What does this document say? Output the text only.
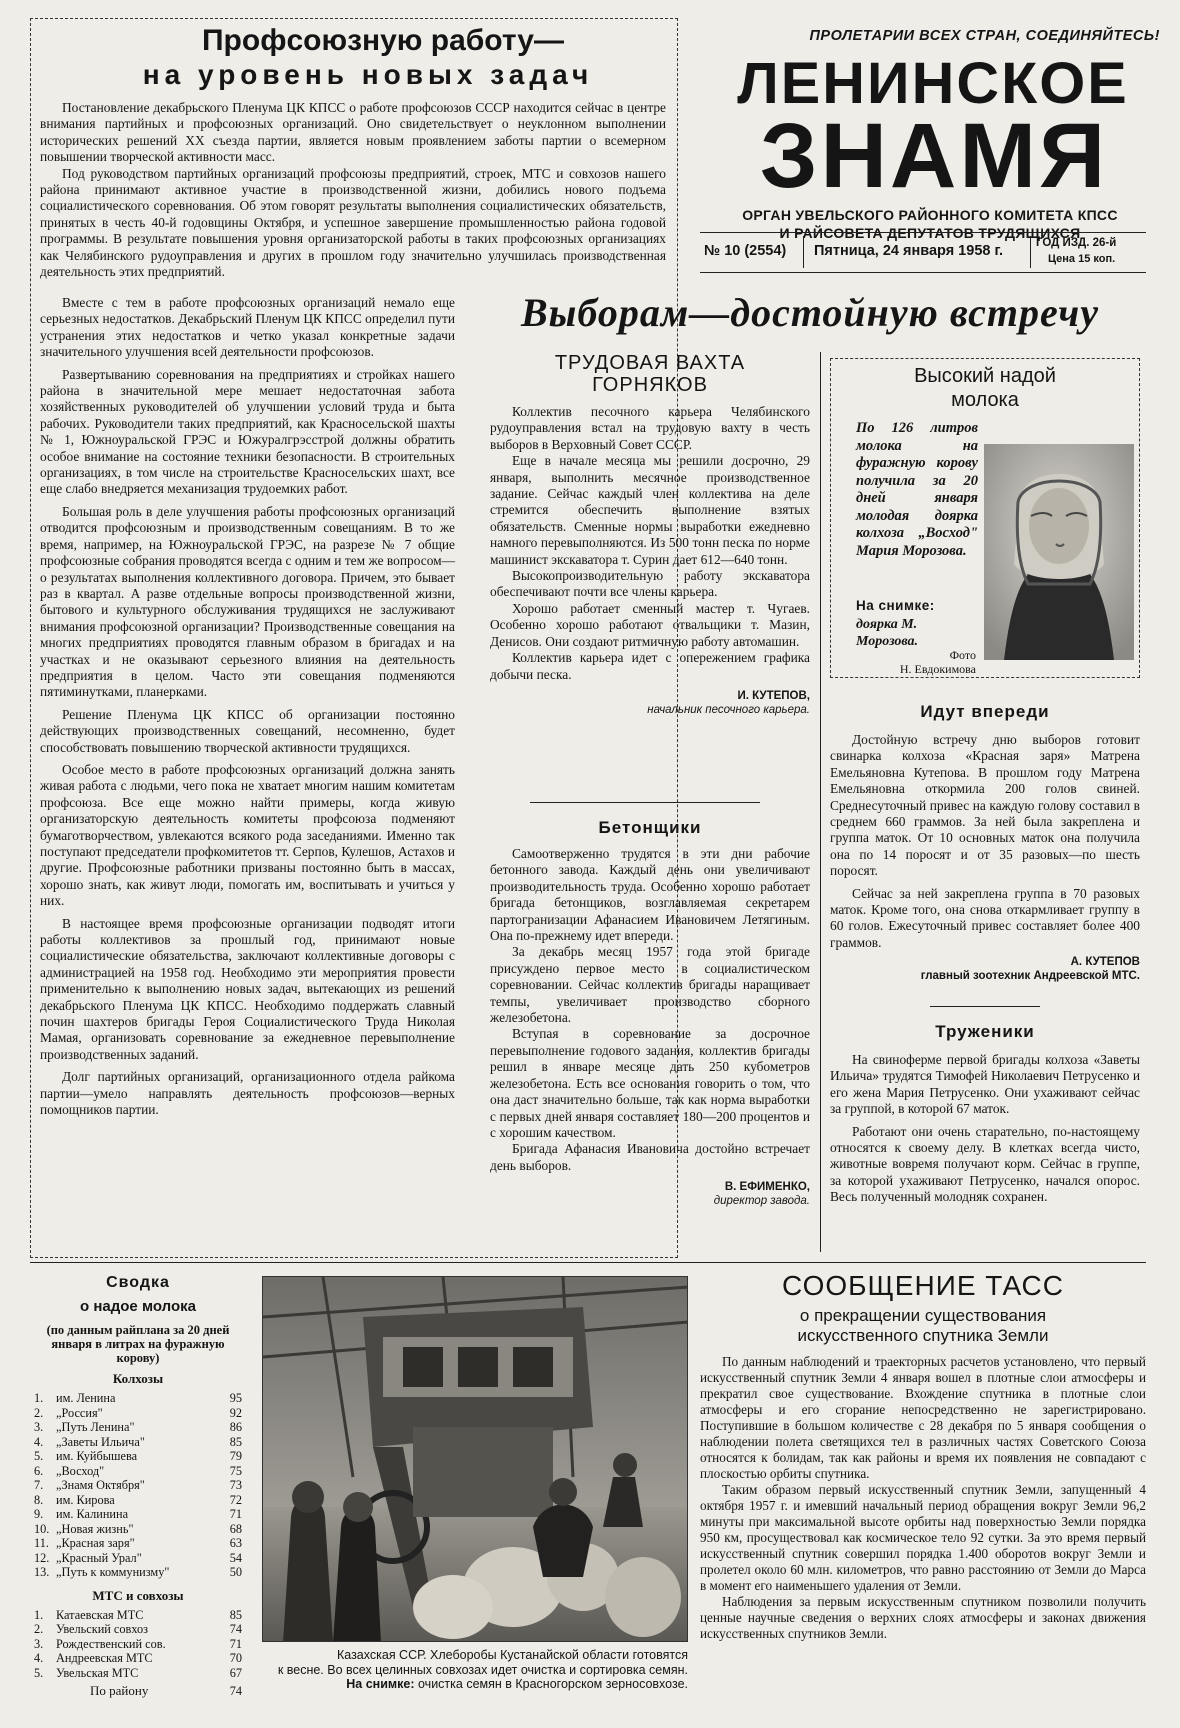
ПРОЛЕТАРИИ ВСЕХ СТРАН, СОЕДИНЯЙТЕСЬ!
ЛЕНИНСКОЕ
ЗНАМЯ
ОРГАН УВЕЛЬСКОГО РАЙОННОГО КОМИТЕТА КПСС
И РАЙСОВЕТА ДЕПУТАТОВ ТРУДЯЩИХСЯ
№ 10 (2554) Пятница, 24 января 1958 г.	ГОД ИЗД. 26-й
Цена 15 коп.
Профсоюзную работу—
на уровень новых задач

Постановление декабрьского Пленума ЦК КПСС о работе профсоюзов СССР находится сейчас в центре внимания партийных и профсоюзных организаций. Оно свидетельствует о неуклонном выполнении исторических решений XX съезда партии, является новым проявлением заботы партии о всемерном повышении творческой активности масс.

Под руководством партийных организаций профсоюзы предприятий, строек, МТС и совхозов нашего района принимают активное участие в производственной жизни, добились нового подъема социалистического соревнования. Об этом говорят результаты выполнения социалистических обязательств, принятых в честь 40-й годовщины Октября, и успешное завершение промышленностью района годовой программы. В результате повышения уровня организаторской работы в таких профсоюзных организациях как Челябинского рудоуправления и других в прошлом году значительно улучшилась производственная деятельность этих предприятий.

Вместе с тем в работе профсоюзных организаций немало еще серьезных недостатков. Декабрьский Пленум ЦК КПСС определил пути устранения этих недостатков и четко указал конкретные задачи значительного улучшения всей деятельности профсоюзов.

Развертыванию соревнования на предприятиях и стройках нашего района в значительной мере мешает недостаточная забота хозяйственных руководителей об улучшении условий труда и быта рабочих. Руководители таких предприятий, как Красносельской шахты № 1, Южноуральской ГРЭС и Южуралгрэсстрой должны обратить особое внимание на состояние техники безопасности. В строительных организациях, в том числе на строительстве Красносельских шахт, все еще слабо внедряется механизация трудоемких работ.

Большая роль в деле улучшения работы профсоюзных организаций отводится профсоюзным и производственным совещаниям. В то же время, например, на Южноуральской ГРЭС, на разрезе № 7 общие профсоюзные собрания проводятся всегда с одним и тем же вопросом—о результатах выполнения коллективного договора. Причем, это бывает раз в квартал. А разве отдельные вопросы производственной жизни, бытового и культурного обслуживания трудящихся не заслуживают внимания профсоюзной организации? Производственные совещания на многих предприятиях проводятся главным образом в бригадах и на участках и не оказывают серьезного влияния на деятельность предприятия в целом. Часто эти совещания подменяются пятиминутками, планерками.

Решение Пленума ЦК КПСС об организации постоянно действующих производственных совещаний, несомненно, будет способствовать повышению творческой активности трудящихся.

Особое место в работе профсоюзных организаций должна занять живая работа с людьми, чего пока не хватает многим нашим комитетам профсоюза. Все еще можно найти примеры, когда живую организаторскую деятельность комитеты профсоюза подменяют бумаготворчеством, увлекаются всякого рода заседаниями. Именно так поступают председатели профкомитетов тт. Серпов, Кулешов, Астахов и другие. Профсоюзные работники призваны постоянно быть в массах, хорошо знать, как живут люди, помогать им, воспитывать и учиться у них.

В настоящее время профсоюзные организации подводят итоги работы коллективов за прошлый год, принимают новые социалистические обязательства, заключают коллективные договоры с администрацией на 1958 год. Необходимо эти мероприятия провести применительно к выполнению новых задач, вытекающих из решений декабрьского Пленума ЦК КПСС. Необходимо поддержать славный почин шахтеров бригады Героя Социалистического Труда Николая Мамая, организовать соревнование за ежедневное перевыполнение производственных заданий.

Долг партийных организаций, организационного отдела райкома партии—умело направлять деятельность профсоюзов—верных помощников партии.

Выборам—достойную встречу
ТРУДОВАЯ ВАХТА
ГОРНЯКОВ

Коллектив песочного карьера Челябинского рудоуправления встал на трудовую вахту в честь выборов в Верховный Совет СССР.

Еще в начале месяца мы решили досрочно, 29 января, выполнить месячное производственное задание. Сейчас каждый член коллектива на деле стремится обеспечить выполнение взятых обязательств. Сменные нормы выработки ежедневно намного перевыполняются. Из 500 тонн песка по норме машинист экскаватора т. Сурин дает 612—640 тонн.

Высокопроизводительную работу экскаватора обеспечивают почти все члены карьера.

Хорошо работает сменный мастер т. Чугаев. Особенно хорошо работают отвальщики т. Мазин, Денисов. Они создают ритмичную работу автомашин.

Коллектив карьера идет с опережением графика добычи песка.

И. КУТЕПОВ,
начальник песочного карьера.
Бетонщики

Самоотверженно трудятся в эти дни рабочие бетонного завода. Каждый день они увеличивают производительность труда. Особенно хорошо работает бригада бетонщиков, возглавляемая секретарем партогранизации Афанасием Ивановичем Летягиным. Она по-прежнему идет впереди.

За декабрь месяц 1957 года этой бригаде присуждено первое место в социалистическом соревновании. Сейчас коллектив бригады наращивает темпы, увеличивает производство сборного железобетона.

Вступая в соревнование за досрочное перевыполнение годового задания, коллектив бригады решил в январе месяце дать 250 кубометров железобетона. Есть все основания говорить о том, что она даст значительно больше, так как норма выработки с первых дней января составляет 180—200 процентов и с хорошим качеством.

Бригада Афанасия Ивановича достойно встречает день выборов.

В. ЕФИМЕНКО,
директор завода.
Высокий надой
молока
По 126 литров молока на фуражную корову получила за 20 дней января молодая доярка колхоза „Восход" Мария Морозова.
На снимке:
доярка М. Морозова.
Фото
Н. Евдокимова
Идут впереди

Достойную встречу дню выборов готовит свинарка колхоза «Красная заря» Матрена Емельяновна Кутепова. В прошлом году Матрена Емельяновна откормила 200 голов свиней. Среднесуточный привес на каждую голову составил в среднем 660 граммов. За ней была закреплена и группа маток. От 10 основных маток она получила она по 14 поросят и от 35 разовых—по шесть поросят.

Сейчас за ней закреплена группа в 70 разовых маток. Кроме того, она снова откармливает группу в 60 голов. Ежесуточный привес составляет более 400 граммов.

А. КУТЕПОВ
главный зоотехник Андреевской МТС.
Труженики

На свиноферме первой бригады колхоза «Заветы Ильича» трудятся Тимофей Николаевич Петрусенко и его жена Мария Петрусенко. Они ухаживают сейчас за группой, в которой 67 маток.

Работают они очень старательно, по-настоящему относятся к своему делу. В клетках всегда чисто, животные вовремя получают корм. Сейчас в группе, за которой ухаживают Петрусенко, начался опорос. Весь полученный молодняк сохранен.

Сводка
о надое молока
(по данным райплана за 20 дней января в литрах на фуражную корову)
Колхозы
1.	им. Ленина	95
2.	„Россия"	92
3.	„Путь Ленина"	86
4.	„Заветы Ильича"	85
5.	им. Куйбышева	79
6.	„Восход"	75
7.	„Знамя Октября"	73
8.	им. Кирова	72
9.	им. Калинина	71
10.	„Новая жизнь"	68
11.	„Красная заря"	63
12.	„Красный Урал"	54
13.	„Путь к коммунизму"	50
МТС и совхозы
1.	Катаевская МТС	85
2.	Увельский совхоз	74
3.	Рождественский сов.	71
4.	Андреевская МТС	70
5.	Увельская МТС	67
По району	74
Казахская ССР. Хлеборобы Кустанайской области готовятся
к весне. Во всех целинных совхозах идет очистка и сортировка семян.
На снимке: очистка семян в Красногорском зерносовхозе.
СООБЩЕНИЕ ТАСС
о прекращении существования
искусственного спутника Земли

По данным наблюдений и траекторных расчетов установлено, что первый искусственный спутник Земли 4 января вошел в плотные слои атмосферы и прекратил свое существование. Вхождение спутника в плотные слои атмосферы и его сгорание непосредственно не зарегистрировано. Поступившие в большом количестве с 28 декабря по 5 января сообщения о наблюдении полета светящихся тел в различных частях Советского Союза относятся к болидам, так как районы и время их появления не совпадают с плоскостью орбиты спутника.

Таким образом первый искусственный спутник Земли, запущенный 4 октября 1957 г. и имевший начальный период обращения вокруг Земли 96,2 минуты при максимальной высоте орбиты над поверхностью Земли порядка 950 км, просуществовал как космическое тело 92 сутки. За это время первый искусственный спутник совершил порядка 1.400 оборотов вокруг Земли и пролетел около 60 млн. километров, что равно расстоянию от Земли до Марса в момент его наименьшего удаления от Земли.

Наблюдения за первым искусственным спутником позволили получить ценные научные сведения о верхних слоях атмосферы и законах движения искусственных спутников Земли.
